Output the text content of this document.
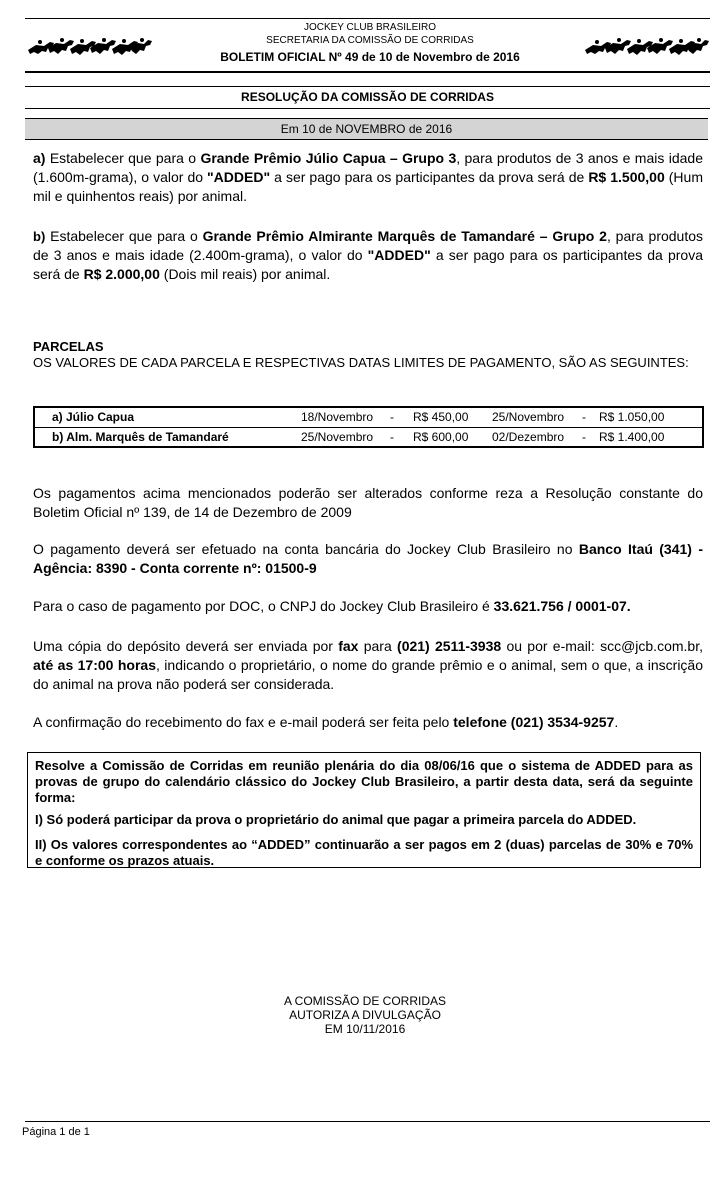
JOCKEY CLUB BRASILEIRO
SECRETARIA DA COMISSÃO DE CORRIDAS
BOLETIM OFICIAL Nº 49 de 10 de Novembro de 2016
RESOLUÇÃO DA COMISSÃO DE CORRIDAS
Em 10 de NOVEMBRO de 2016
a) Estabelecer que para o Grande Prêmio Júlio Capua – Grupo 3, para produtos de 3 anos e mais idade (1.600m-grama), o valor do "ADDED" a ser pago para os participantes da prova será de R$ 1.500,00 (Hum mil e quinhentos reais) por animal.
b) Estabelecer que para o Grande Prêmio Almirante Marquês de Tamandaré – Grupo 2, para produtos de 3 anos e mais idade (2.400m-grama), o valor do "ADDED" a ser pago para os participantes da prova será de R$ 2.000,00 (Dois mil reais) por animal.
PARCELAS
OS VALORES DE CADA PARCELA E RESPECTIVAS DATAS LIMITES DE PAGAMENTO, SÃO AS SEGUINTES:
a) Júlio Capua	18/Novembro - R$ 450,00 25/Novembro - R$ 1.050,00
b) Alm. Marquês de Tamandaré	25/Novembro - R$ 600,00 02/Dezembro - R$ 1.400,00
Os pagamentos acima mencionados poderão ser alterados conforme reza a Resolução constante do Boletim Oficial nº 139, de 14 de Dezembro de 2009
O pagamento deverá ser efetuado na conta bancária do Jockey Club Brasileiro no Banco Itaú (341) - Agência: 8390 - Conta corrente nº: 01500-9
Para o caso de pagamento por DOC, o CNPJ do Jockey Club Brasileiro é 33.621.756 / 0001-07.
Uma cópia do depósito deverá ser enviada por fax para (021) 2511-3938 ou por e-mail: scc@jcb.com.br, até as 17:00 horas, indicando o proprietário, o nome do grande prêmio e o animal, sem o que, a inscrição do animal na prova não poderá ser considerada.
A confirmação do recebimento do fax e e-mail poderá ser feita pelo telefone (021) 3534-9257.
Resolve a Comissão de Corridas em reunião plenária do dia 08/06/16 que o sistema de ADDED para as provas de grupo do calendário clássico do Jockey Club Brasileiro, a partir desta data, será da seguinte forma:
I) Só poderá participar da prova o proprietário do animal que pagar a primeira parcela do ADDED.
II) Os valores correspondentes ao “ADDED” continuarão a ser pagos em 2 (duas) parcelas de 30% e 70% e conforme os prazos atuais.
A COMISSÃO DE CORRIDAS
AUTORIZA A DIVULGAÇÃO
EM 10/11/2016
Página 1 de 1
